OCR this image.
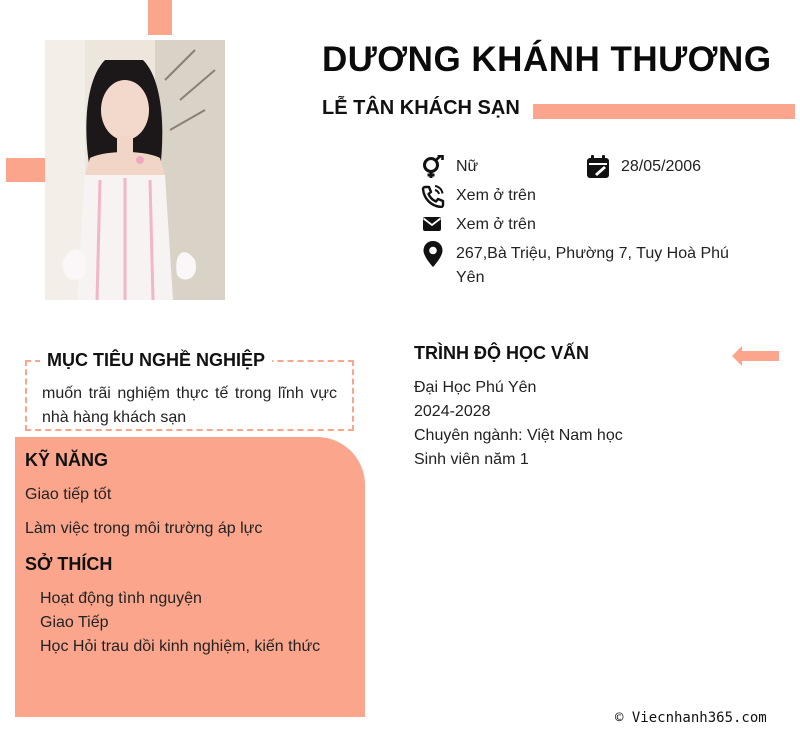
DƯƠNG KHÁNH THƯƠNG
LỄ TÂN KHÁCH SẠN
Nữ	28/05/2006
Xem ở trên
Xem ở trên
267,Bà Triệu, Phường 7, Tuy Hoà Phú Yên
MỤC TIÊU NGHỀ NGHIỆP
muốn trãi nghiệm thực tế trong lĩnh vực nhà hàng khách sạn
KỸ NĂNG
Giao tiếp tốt
Làm việc trong môi trường áp lực
SỞ THÍCH
Hoạt động tình nguyện
Giao Tiếp
Học Hỏi trau dồi kinh nghiệm, kiến thức
TRÌNH ĐỘ HỌC VẤN
Đại Học Phú Yên
2024-2028
Chuyên ngành: Việt Nam học
Sinh viên năm 1
© Viecnhanh365.com
